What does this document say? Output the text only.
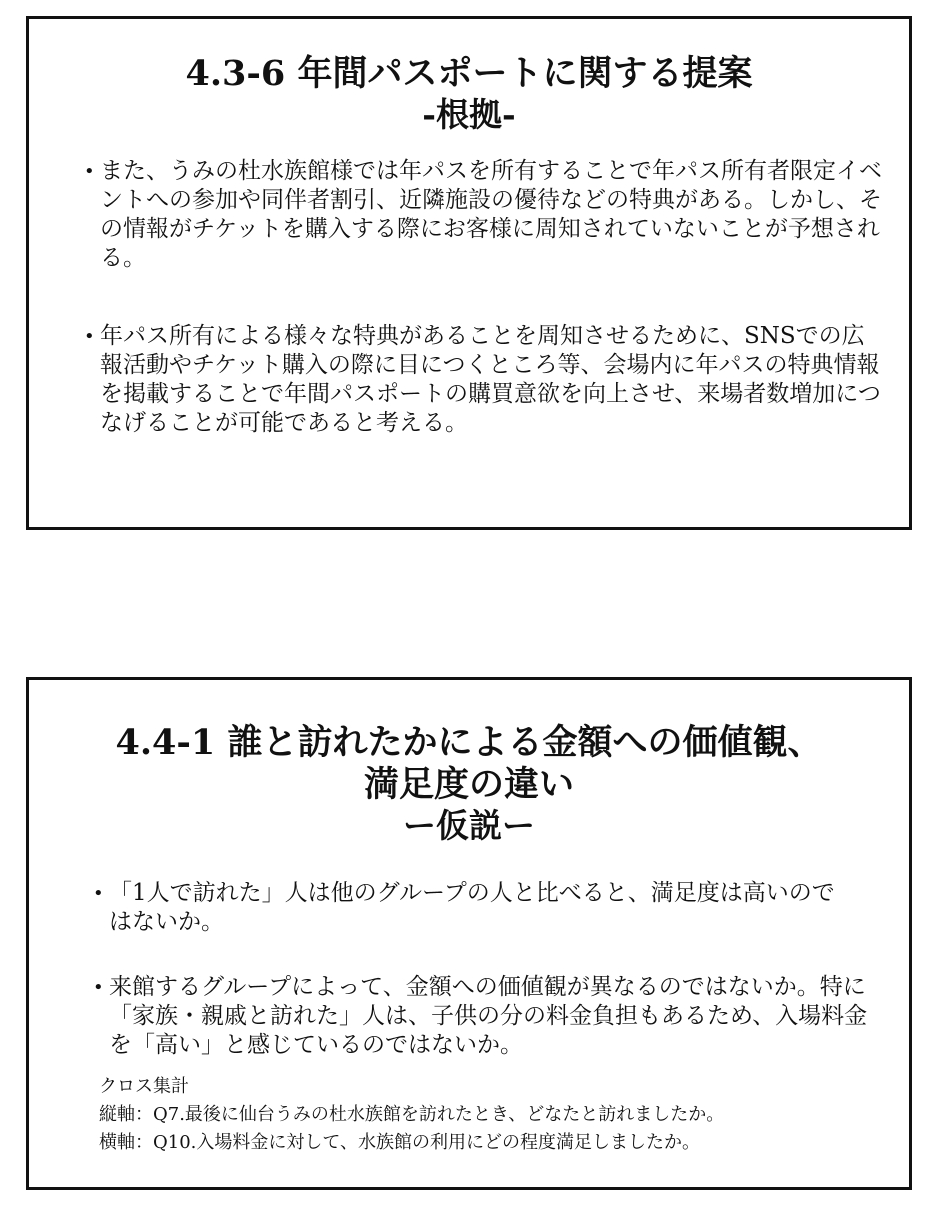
4.3-6 年間パスポートに関する提案
-根拠-
• また、うみの杜水族館様では年パスを所有することで年パス所有者限定イベントへの参加や同伴者割引、近隣施設の優待などの特典がある。しかし、その情報がチケットを購入する際にお客様に周知されていないことが予想される。
• 年パス所有による様々な特典があることを周知させるために、SNSでの広報活動やチケット購入の際に目につくところ等、会場内に年パスの特典情報を掲載することで年間パスポートの購買意欲を向上させ、来場者数増加につなげることが可能であると考える。
4.4-1 誰と訪れたかによる金額への価値観、
満足度の違い
ー仮説ー
• 「1人で訪れた」人は他のグループの人と比べると、満足度は高いのではないか。
• 来館するグループによって、金額への価値観が異なるのではないか。特に「家族・親戚と訪れた」人は、子供の分の料金負担もあるため、入場料金を「高い」と感じているのではないか。
クロス集計
縦軸：Q7.最後に仙台うみの杜水族館を訪れたとき、どなたと訪れましたか。
横軸：Q10.入場料金に対して、水族館の利用にどの程度満足しましたか。
